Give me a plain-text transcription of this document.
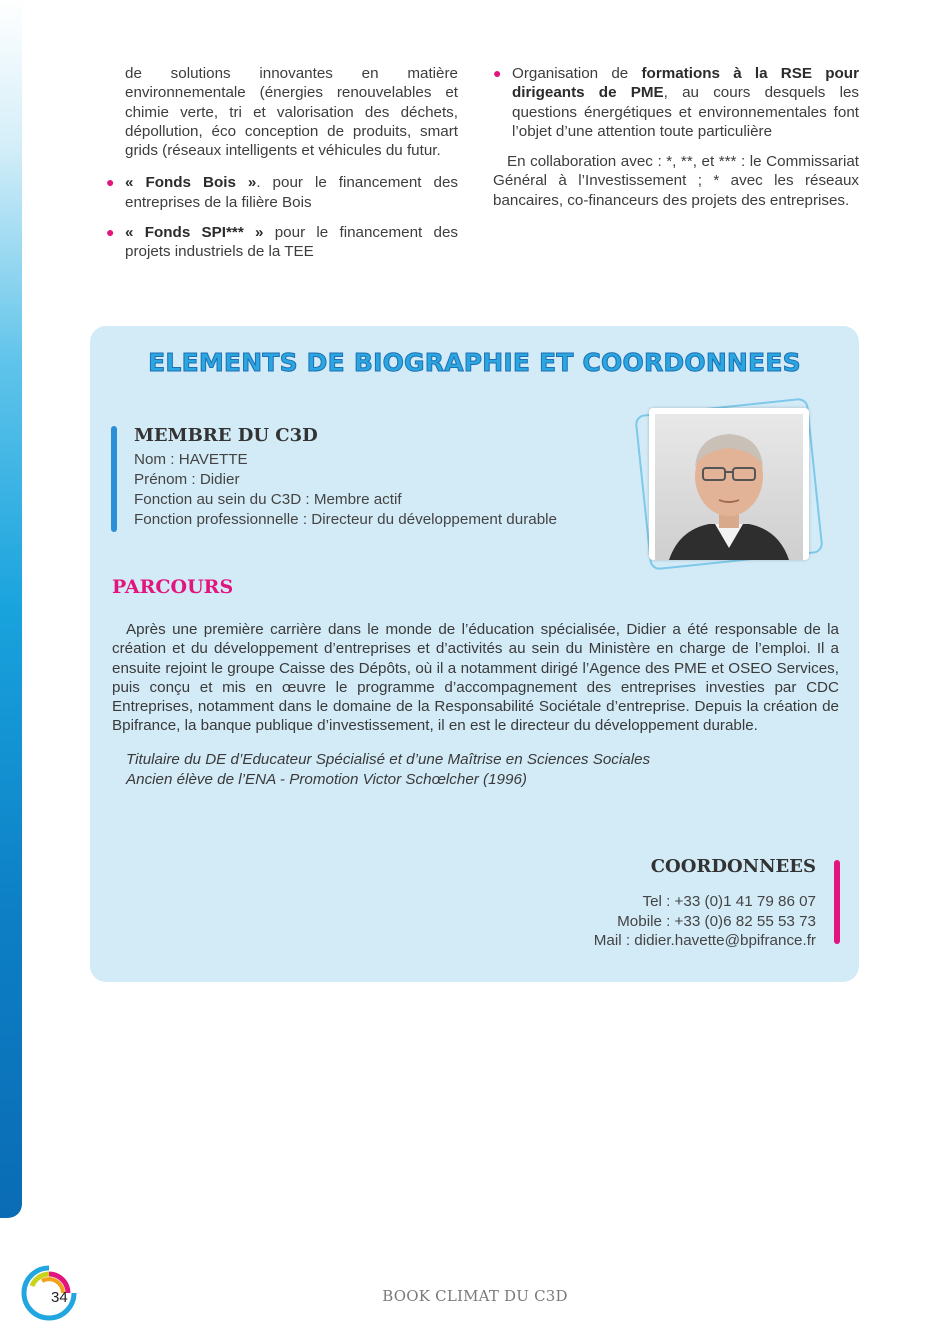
de solutions innovantes en matière environnementale (énergies renouvelables et chimie verte, tri et valorisation des déchets, dépollution, éco conception de produits, smart grids (réseaux intelligents et véhicules du futur.
● « Fonds Bois ». pour le financement des entreprises de la filière Bois
● « Fonds SPI*** » pour le financement des projets industriels de la TEE
● Organisation de formations à la RSE pour dirigeants de PME, au cours desquels les questions énergétiques et environnementales font l’objet d’une attention toute particulière
En collaboration avec : *, **, et *** : le Commissariat Général à l’Investissement ; * avec les réseaux bancaires, co-financeurs des projets des entreprises.
ELEMENTS DE BIOGRAPHIE ET COORDONNEES
MEMBRE DU C3D
Nom : HAVETTE
Prénom : Didier
Fonction au sein du C3D : Membre actif
Fonction professionnelle : Directeur du développement durable
PARCOURS
Après une première carrière dans le monde de l’éducation spécialisée, Didier a été responsable de la création et du développement d’entreprises et d’activités au sein du Ministère en charge de l’emploi. Il a ensuite rejoint le groupe Caisse des Dépôts, où il a notamment dirigé l’Agence des PME et OSEO Services, puis conçu et mis en œuvre le programme d’accompagnement des entreprises investies par CDC Entreprises, notamment dans le domaine de la Responsabilité Sociétale d’entreprise. Depuis la création de Bpifrance, la banque publique d’investissement, il en est le directeur du développement durable.
Titulaire du DE d’Educateur Spécialisé et d’une Maîtrise en Sciences Sociales
Ancien élève de l’ENA - Promotion Victor Schœlcher (1996)
COORDONNEES
Tel : +33 (0)1 41 79 86 07
Mobile : +33 (0)6 82 55 53 73
Mail : didier.havette@bpifrance.fr
34	BOOK CLIMAT DU C3D
